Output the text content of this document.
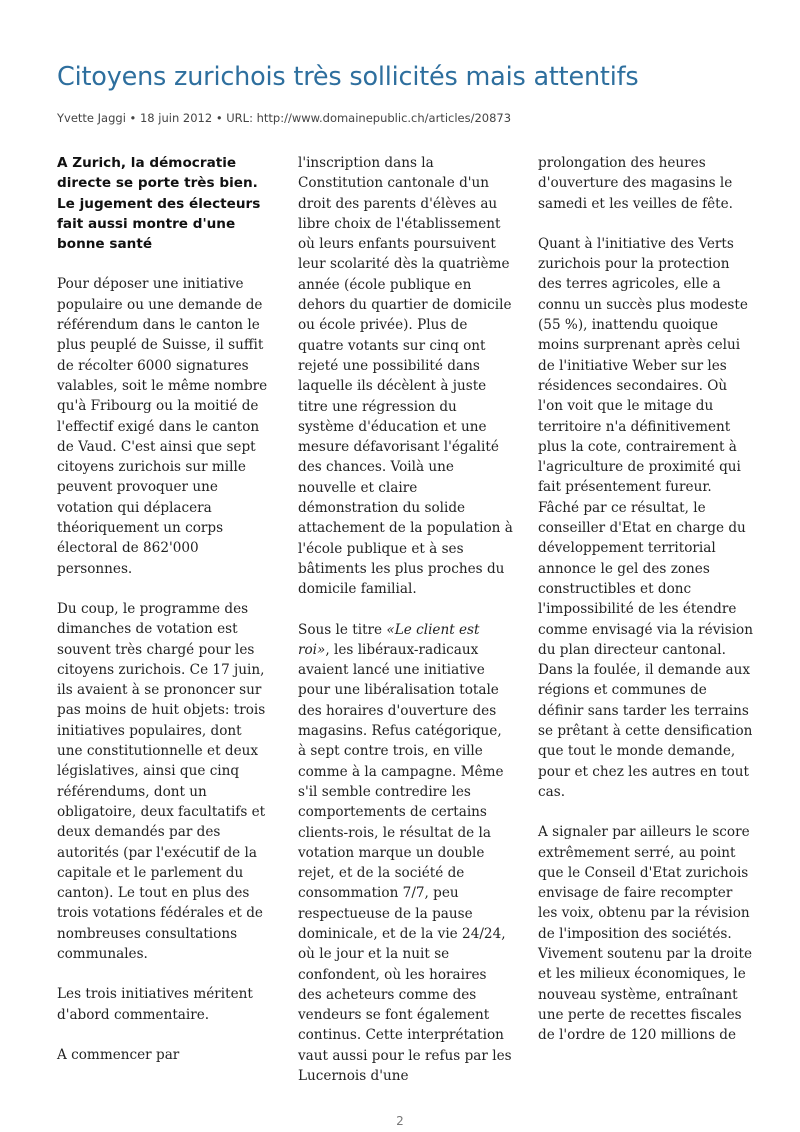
Citoyens zurichois très sollicités mais attentifs
Yvette Jaggi • 18 juin 2012 • URL: http://www.domainepublic.ch/articles/20873
A Zurich, la démocratie directe se porte très bien. Le jugement des électeurs fait aussi montre d'une bonne santé

Pour déposer une initiative populaire ou une demande de référendum dans le canton le plus peuplé de Suisse, il suffit de récolter 6000 signatures valables, soit le même nombre qu'à Fribourg ou la moitié de l'effectif exigé dans le canton de Vaud. C'est ainsi que sept citoyens zurichois sur mille peuvent provoquer une votation qui déplacera théoriquement un corps électoral de 862'000 personnes.

Du coup, le programme des dimanches de votation est souvent très chargé pour les citoyens zurichois. Ce 17 juin, ils avaient à se prononcer sur pas moins de huit objets: trois initiatives populaires, dont une constitutionnelle et deux législatives, ainsi que cinq référendums, dont un obligatoire, deux facultatifs et deux demandés par des autorités (par l'exécutif de la capitale et le parlement du canton). Le tout en plus des trois votations fédérales et de nombreuses consultations communales.

Les trois initiatives méritent d'abord commentaire.

A commencer par

l'inscription dans la Constitution cantonale d'un droit des parents d'élèves au libre choix de l'établissement où leurs enfants poursuivent leur scolarité dès la quatrième année (école publique en dehors du quartier de domicile ou école privée). Plus de quatre votants sur cinq ont rejeté une possibilité dans laquelle ils décèlent à juste titre une régression du système d'éducation et une mesure défavorisant l'égalité des chances. Voilà une nouvelle et claire démonstration du solide attachement de la population à l'école publique et à ses bâtiments les plus proches du domicile familial.

Sous le titre «Le client est roi», les libéraux-radicaux avaient lancé une initiative pour une libéralisation totale des horaires d'ouverture des magasins. Refus catégorique, à sept contre trois, en ville comme à la campagne. Même s'il semble contredire les comportements de certains clients-rois, le résultat de la votation marque un double rejet, et de la société de consommation 7/7, peu respectueuse de la pause dominicale, et de la vie 24/24, où le jour et la nuit se confondent, où les horaires des acheteurs comme des vendeurs se font également continus. Cette interprétation vaut aussi pour le refus par les Lucernois d'une

prolongation des heures d'ouverture des magasins le samedi et les veilles de fête.

Quant à l'initiative des Verts zurichois pour la protection des terres agricoles, elle a connu un succès plus modeste (55 %), inattendu quoique moins surprenant après celui de l'initiative Weber sur les résidences secondaires. Où l'on voit que le mitage du territoire n'a définitivement plus la cote, contrairement à l'agriculture de proximité qui fait présentement fureur. Fâché par ce résultat, le conseiller d'Etat en charge du développement territorial annonce le gel des zones constructibles et donc l'impossibilité de les étendre comme envisagé via la révision du plan directeur cantonal. Dans la foulée, il demande aux régions et communes de définir sans tarder les terrains se prêtant à cette densification que tout le monde demande, pour et chez les autres en tout cas.

A signaler par ailleurs le score extrêmement serré, au point que le Conseil d'Etat zurichois envisage de faire recompter les voix, obtenu par la révision de l'imposition des sociétés. Vivement soutenu par la droite et les milieux économiques, le nouveau système, entraînant une perte de recettes fiscales de l'ordre de 120 millions de

2
